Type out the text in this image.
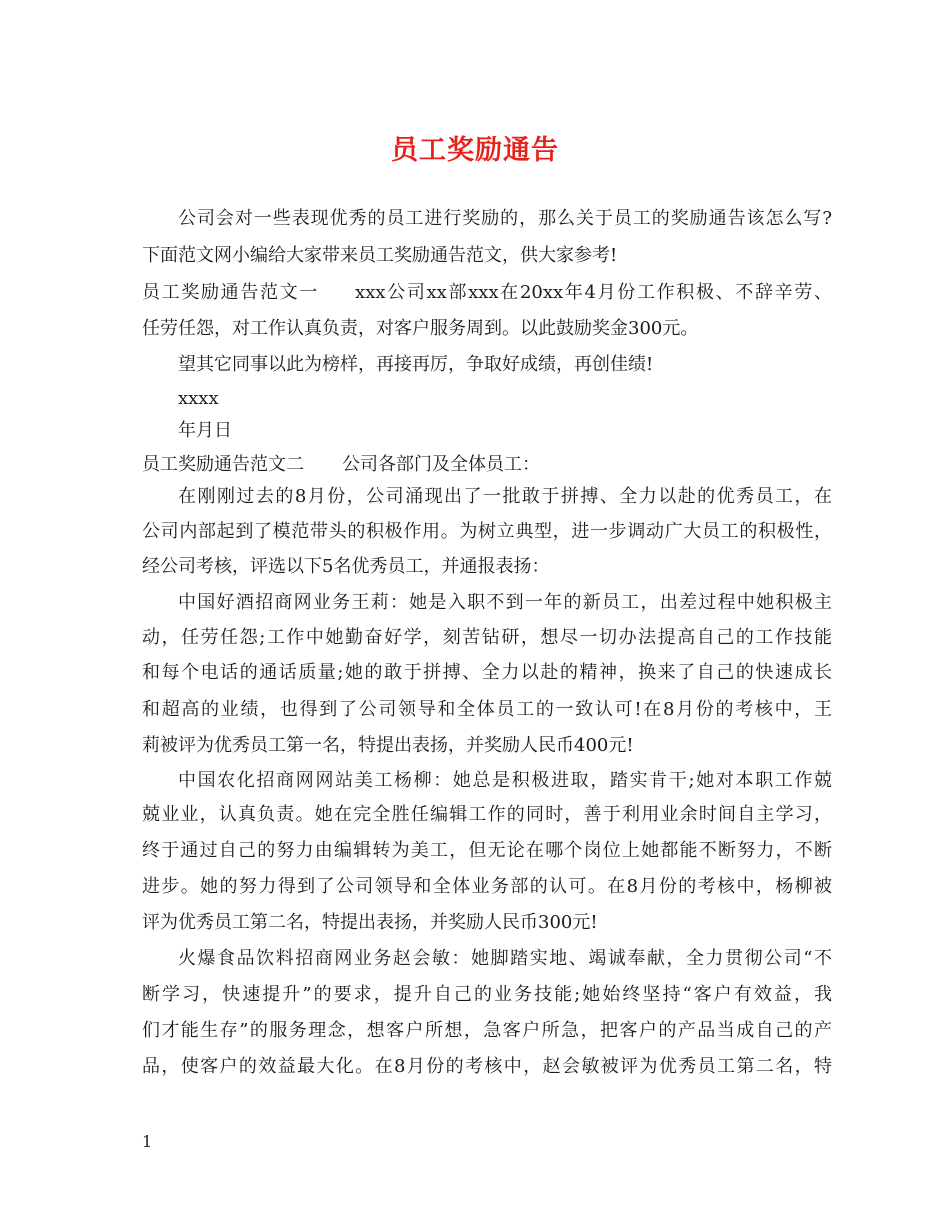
员工奖励通告
公司会对一些表现优秀的员工进行奖励的，那么关于员工的奖励通告该怎么写?
下面范文网小编给大家带来员工奖励通告范文，供大家参考!
员工奖励通告范文一 xxx公司xx部xxx在20xx年4月份工作积极、不辞辛劳、
任劳任怨，对工作认真负责，对客户服务周到。以此鼓励奖金300元。
望其它同事以此为榜样，再接再厉，争取好成绩，再创佳绩!
xxxx
年月日
员工奖励通告范文二 公司各部门及全体员工：
在刚刚过去的8月份，公司涌现出了一批敢于拼搏、全力以赴的优秀员工，在
公司内部起到了模范带头的积极作用。为树立典型，进一步调动广大员工的积极性，
经公司考核，评选以下5名优秀员工，并通报表扬：
中国好酒招商网业务王莉：她是入职不到一年的新员工，出差过程中她积极主
动，任劳任怨;工作中她勤奋好学，刻苦钻研，想尽一切办法提高自己的工作技能
和每个电话的通话质量;她的敢于拼搏、全力以赴的精神，换来了自己的快速成长
和超高的业绩，也得到了公司领导和全体员工的一致认可!在8月份的考核中，王
莉被评为优秀员工第一名，特提出表扬，并奖励人民币400元!
中国农化招商网网站美工杨柳：她总是积极进取，踏实肯干;她对本职工作兢
兢业业，认真负责。她在完全胜任编辑工作的同时，善于利用业余时间自主学习，
终于通过自己的努力由编辑转为美工，但无论在哪个岗位上她都能不断努力，不断
进步。她的努力得到了公司领导和全体业务部的认可。在8月份的考核中，杨柳被
评为优秀员工第二名，特提出表扬，并奖励人民币300元!
火爆食品饮料招商网业务赵会敏：她脚踏实地、竭诚奉献，全力贯彻公司“不
断学习，快速提升”的要求，提升自己的业务技能;她始终坚持“客户有效益，我
们才能生存”的服务理念，想客户所想，急客户所急，把客户的产品当成自己的产
品，使客户的效益最大化。在8月份的考核中，赵会敏被评为优秀员工第二名，特
1
